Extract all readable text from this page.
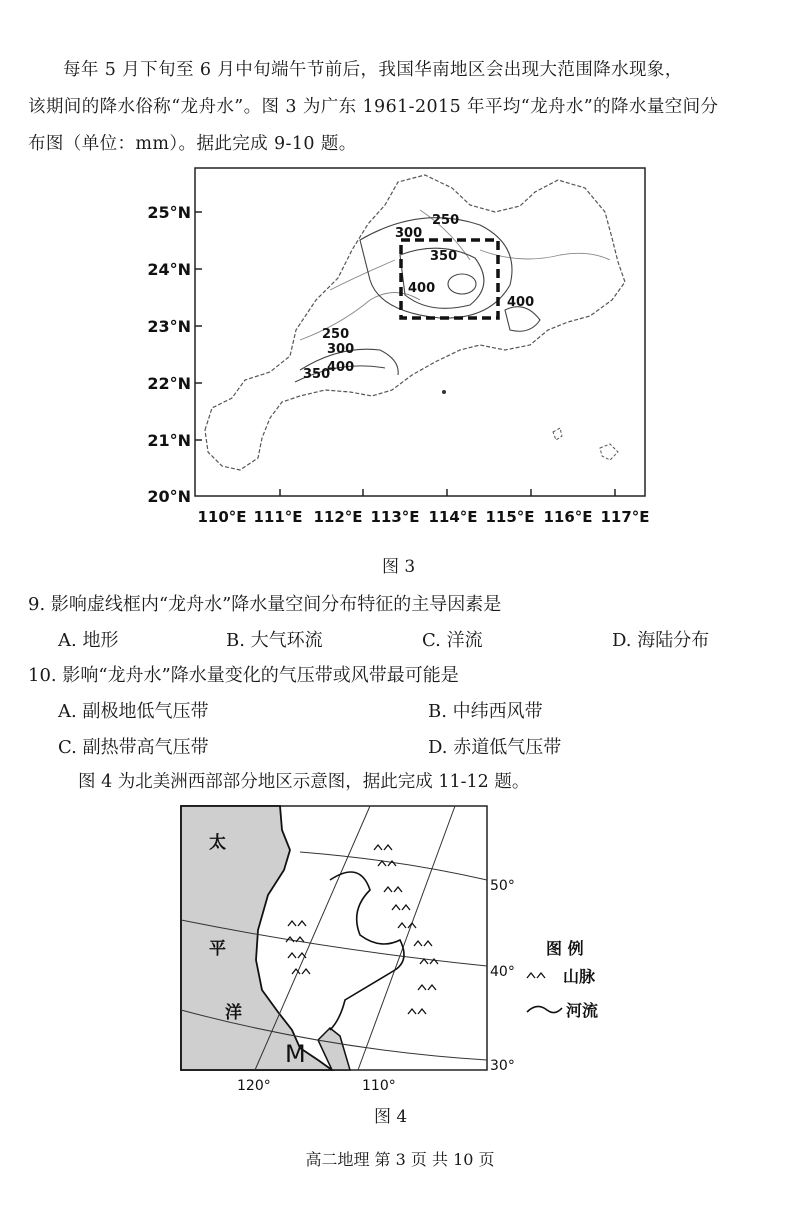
每年 5 月下旬至 6 月中旬端午节前后，我国华南地区会出现大范围降水现象，

该期间的降水俗称“龙舟水”。图 3 为广东 1961-2015 年平均“龙舟水”的降水量空间分

布图（单位：mm）。据此完成 9-10 题。

250
300
350
400
400
250
300
350
400
25°N
24°N
23°N
22°N
21°N
20°N
110°E 111°E 112°E 113°E 114°E 115°E 116°E 117°E
图 3
9. 影响虚线框内“龙舟水”降水量空间分布特征的主导因素是
A. 地形	B. 大气环流	C. 洋流	D. 海陆分布
10. 影响“龙舟水”降水量变化的气压带或风带最可能是
A. 副极地低气压带	B. 中纬西风带
C. 副热带高气压带	D. 赤道低气压带
图 4 为北美洲西部部分地区示意图，据此完成 11-12 题。
太
平
洋
M
50°
40°
30°
120°	110°
图 例
山脉
河流
图 4
高二地理 第 3 页 共 10 页
